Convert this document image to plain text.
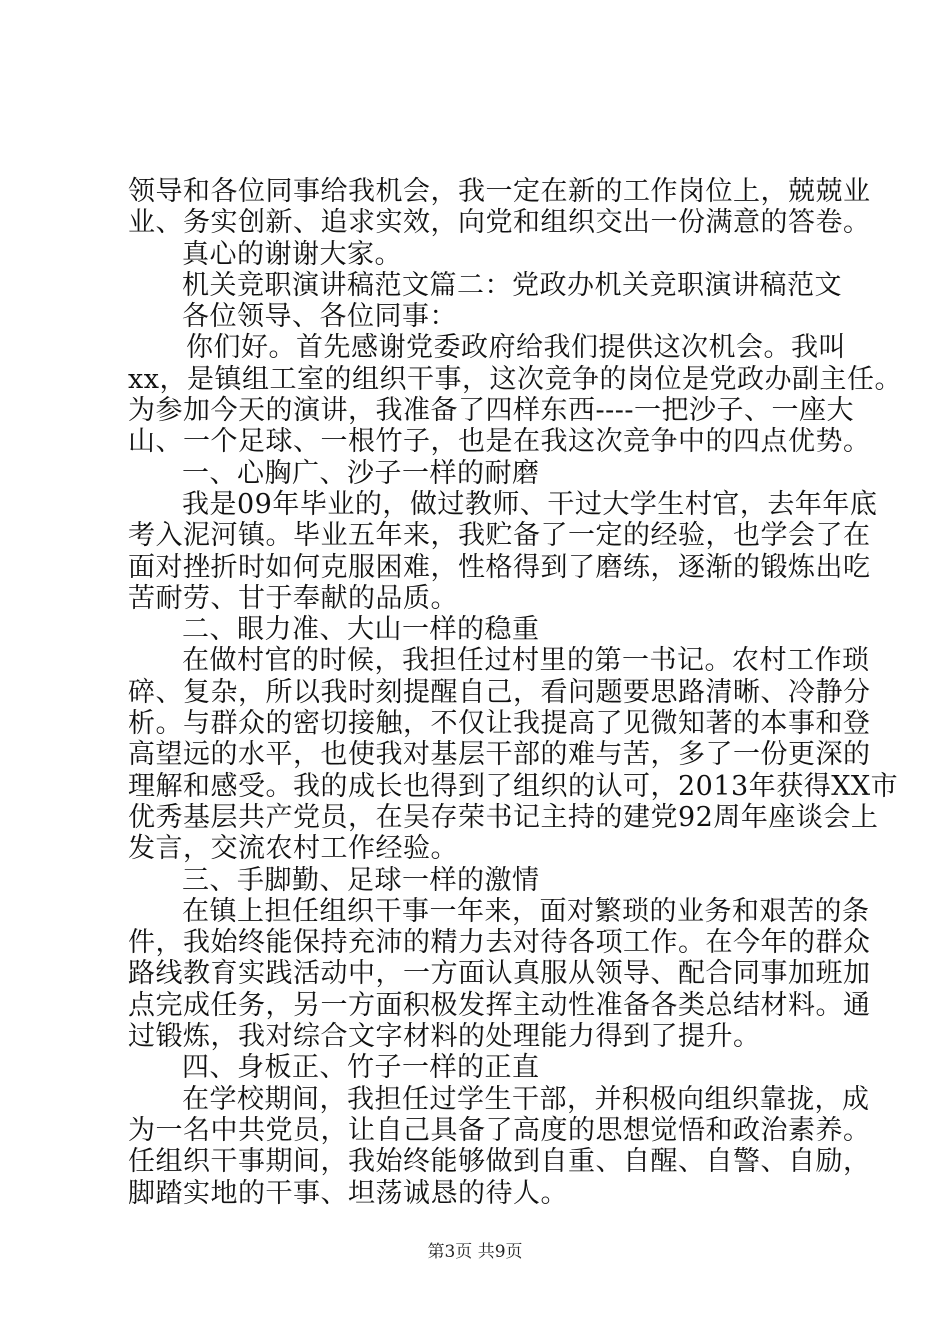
领导和各位同事给我机会，我一定在新的工作岗位上，兢兢业
业、务实创新、追求实效，向党和组织交出一份满意的答卷。
真心的谢谢大家。
机关竞职演讲稿范文篇二：党政办机关竞职演讲稿范文
各位领导、各位同事：
你们好。首先感谢党委政府给我们提供这次机会。我叫
xx，是镇组工室的组织干事，这次竞争的岗位是党政办副主任。
为参加今天的演讲，我准备了四样东西----一把沙子、一座大
山、一个足球、一根竹子，也是在我这次竞争中的四点优势。
一、心胸广、沙子一样的耐磨
我是09年毕业的，做过教师、干过大学生村官，去年年底
考入泥河镇。毕业五年来，我贮备了一定的经验，也学会了在
面对挫折时如何克服困难，性格得到了磨练，逐渐的锻炼出吃
苦耐劳、甘于奉献的品质。
二、眼力准、大山一样的稳重
在做村官的时候，我担任过村里的第一书记。农村工作琐
碎、复杂，所以我时刻提醒自己，看问题要思路清晰、冷静分
析。与群众的密切接触，不仅让我提高了见微知著的本事和登
高望远的水平，也使我对基层干部的难与苦，多了一份更深的
理解和感受。我的成长也得到了组织的认可，2013年获得XX市
优秀基层共产党员，在吴存荣书记主持的建党92周年座谈会上
发言，交流农村工作经验。
三、手脚勤、足球一样的激情
在镇上担任组织干事一年来，面对繁琐的业务和艰苦的条
件，我始终能保持充沛的精力去对待各项工作。在今年的群众
路线教育实践活动中，一方面认真服从领导、配合同事加班加
点完成任务，另一方面积极发挥主动性准备各类总结材料。通
过锻炼，我对综合文字材料的处理能力得到了提升。
四、身板正、竹子一样的正直
在学校期间，我担任过学生干部，并积极向组织靠拢，成
为一名中共党员，让自己具备了高度的思想觉悟和政治素养。
任组织干事期间，我始终能够做到自重、自醒、自警、自励，
脚踏实地的干事、坦荡诚恳的待人。
第3页 共9页
